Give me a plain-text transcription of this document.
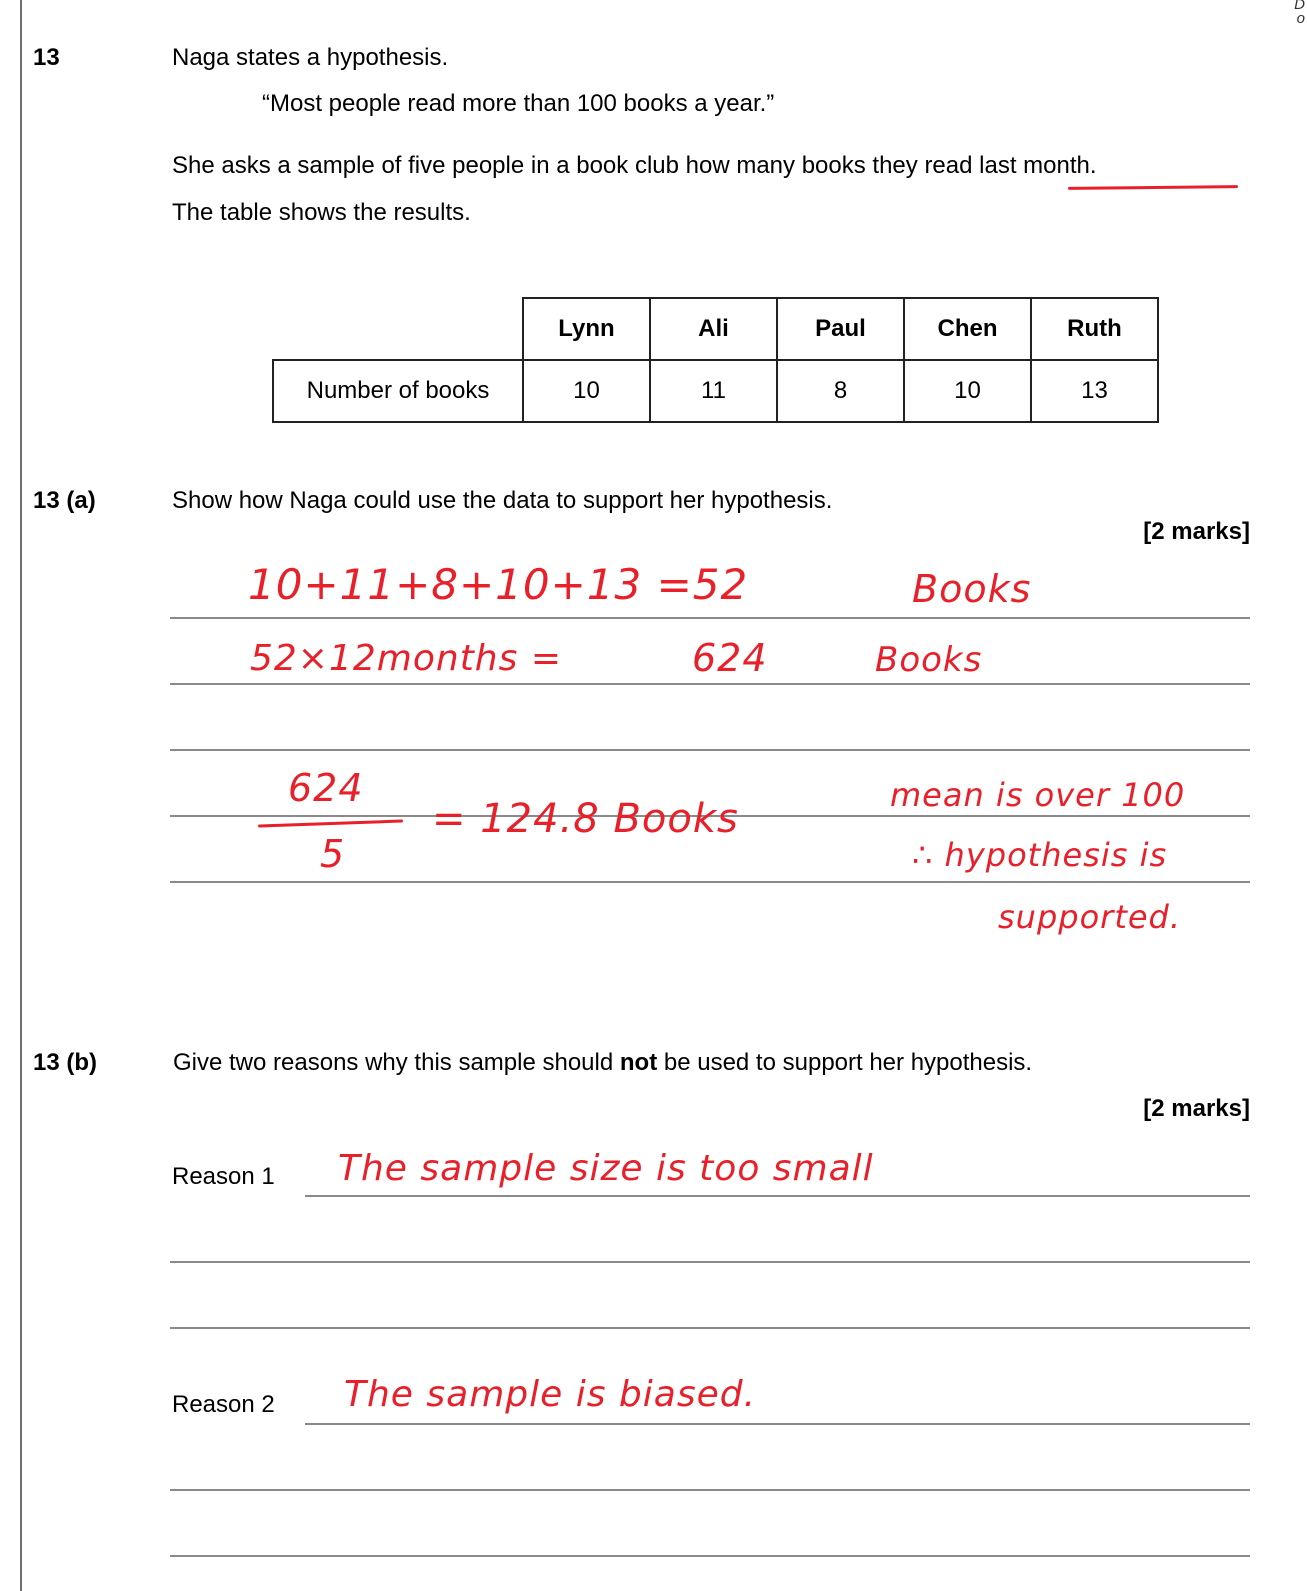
D
o
13	Naga states a hypothesis.
“Most people read more than 100 books a year.”
She asks a sample of five people in a book club how many books they read last month.
The table shows the results.
	Lynn	Ali	Paul	Chen	Ruth
Number of books	10	11	8	10	13
13 (a)	Show how Naga could use the data to support her hypothesis.
[2 marks]
10+11+8+10+13 =52	Books
52×12months =	624	Books
624
5
= 124.8 Books
mean is over 100
∴ hypothesis is
supported.
13 (b)	Give two reasons why this sample should not be used to support her hypothesis.
[2 marks]
Reason 1 The sample size is too small
Reason 2 The sample is biased.
